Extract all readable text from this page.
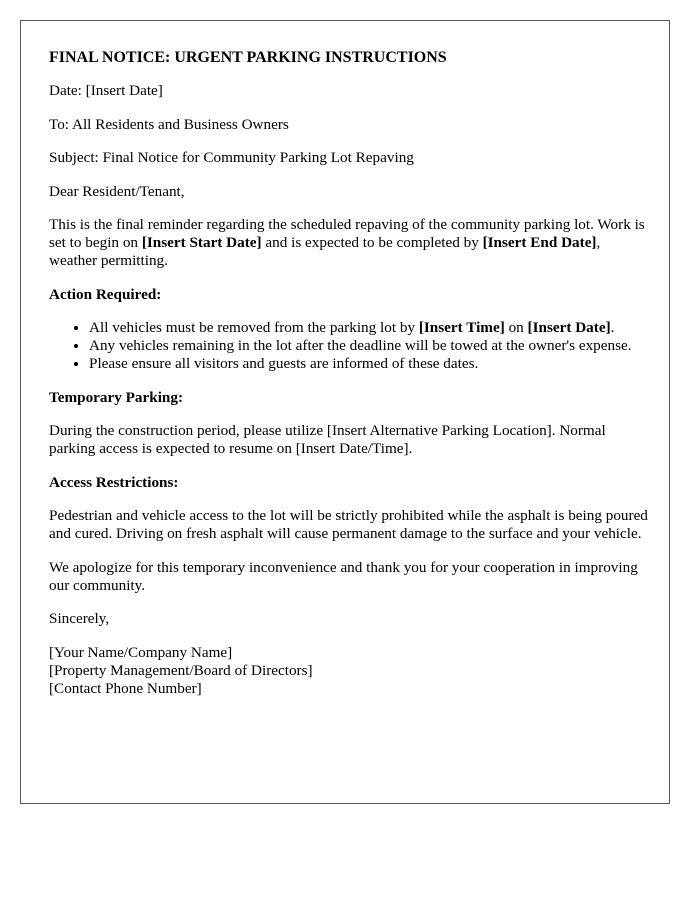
FINAL NOTICE: URGENT PARKING INSTRUCTIONS

Date: [Insert Date]

To: All Residents and Business Owners

Subject: Final Notice for Community Parking Lot Repaving

Dear Resident/Tenant,

This is the final reminder regarding the scheduled repaving of the community parking lot. Work is set to begin on [Insert Start Date] and is expected to be completed by [Insert End Date], weather permitting.

Action Required:
• All vehicles must be removed from the parking lot by [Insert Time] on [Insert Date].
• Any vehicles remaining in the lot after the deadline will be towed at the owner's expense.
• Please ensure all visitors and guests are informed of these dates.
Temporary Parking:

During the construction period, please utilize [Insert Alternative Parking Location]. Normal parking access is expected to resume on [Insert Date/Time].

Access Restrictions:

Pedestrian and vehicle access to the lot will be strictly prohibited while the asphalt is being poured and cured. Driving on fresh asphalt will cause permanent damage to the surface and your vehicle.

We apologize for this temporary inconvenience and thank you for your cooperation in improving our community.

Sincerely,

[Your Name/Company Name]
[Property Management/Board of Directors]
[Contact Phone Number]
